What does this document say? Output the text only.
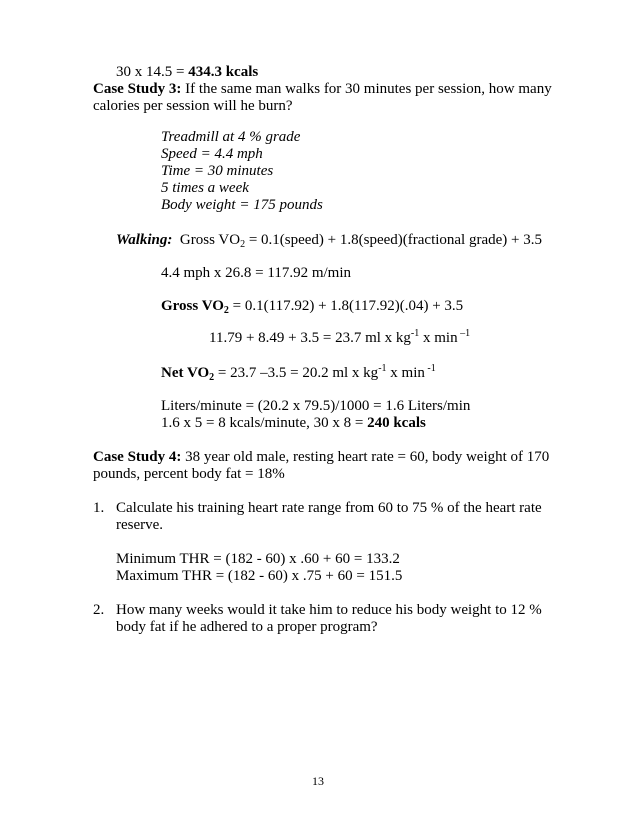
30 x 14.5 = 434.3 kcals
Case Study 3: If the same man walks for 30 minutes per session, how many
calories per session will he burn?
Treadmill at 4 % grade
Speed = 4.4 mph
Time = 30 minutes
5 times a week
Body weight = 175 pounds
Walking: Gross $VO_2$ = 0.1(speed) + 1.8(speed)(fractional grade) + 3.5
4.4 mph x 26.8 = 117.92 m/min
Gross $VO_2 = 0.1(117.92) + 1.8(117.92)(.04) + 3.5$
11.79 + 8.49 + 3.5 = 23.7 ml x $kg^{-1}$ x min $^{-1}$
Net $VO_2 = 23.7$ –3.5 = 20.2 ml x $kg^{-1}$ x min $^{-1}$
Liters/minute = (20.2 x 79.5)/1000 = 1.6 Liters/min
1.6 x 5 = 8 kcals/minute, 30 x 8 = 240 kcals
Case Study 4: 38 year old male, resting heart rate = 60, body weight of 170
pounds, percent body fat = 18%
1. Calculate his training heart rate range from 60 to 75 % of the heart rate
reserve.
Minimum THR = (182 - 60) x .60 + 60 = 133.2
Maximum THR = (182 - 60) x .75 + 60 = 151.5
2. How many weeks would it take him to reduce his body weight to 12 %
body fat if he adhered to a proper program?
13
